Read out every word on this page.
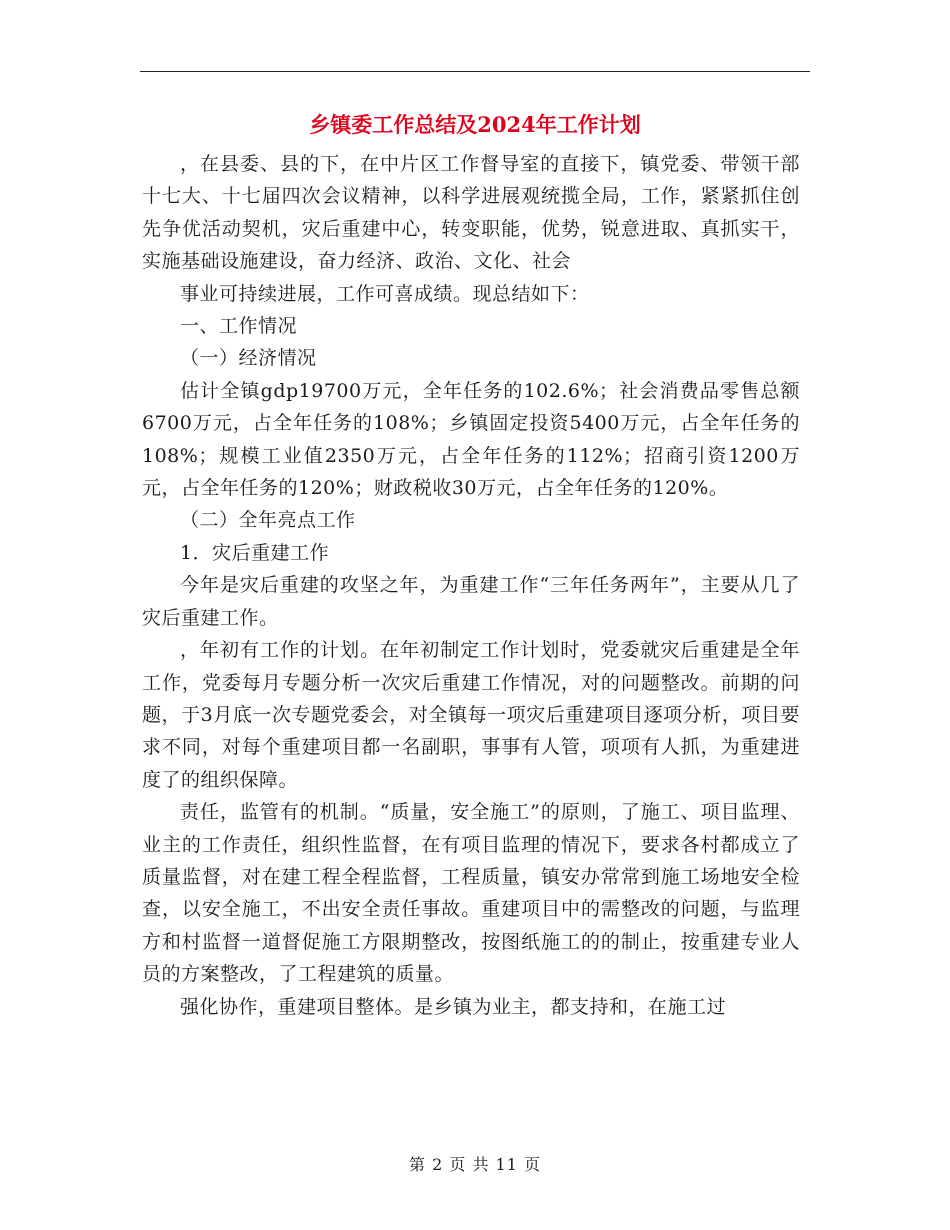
乡镇委工作总结及2024年工作计划

，在县委、县的下，在中片区工作督导室的直接下，镇党委、带领干部十七大、十七届四次会议精神，以科学进展观统揽全局，工作，紧紧抓住创先争优活动契机，灾后重建中心，转变职能，优势，锐意进取、真抓实干，实施基础设施建设，奋力经济、政治、文化、社会

事业可持续进展，工作可喜成绩。现总结如下：

一、工作情况

（一）经济情况

估计全镇gdp19700万元，全年任务的102.6%；社会消费品零售总额6700万元，占全年任务的108%；乡镇固定投资5400万元，占全年任务的108%；规模工业值2350万元，占全年任务的112%；招商引资1200万元，占全年任务的120%；财政税收30万元，占全年任务的120%。

（二）全年亮点工作

1．灾后重建工作

今年是灾后重建的攻坚之年，为重建工作“三年任务两年”，主要从几了灾后重建工作。

，年初有工作的计划。在年初制定工作计划时，党委就灾后重建是全年工作，党委每月专题分析一次灾后重建工作情况，对的问题整改。前期的问题，于3月底一次专题党委会，对全镇每一项灾后重建项目逐项分析，项目要求不同，对每个重建项目都一名副职，事事有人管，项项有人抓，为重建进度了的组织保障。

责任，监管有的机制。“质量，安全施工”的原则，了施工、项目监理、业主的工作责任，组织性监督，在有项目监理的情况下，要求各村都成立了质量监督，对在建工程全程监督，工程质量，镇安办常常到施工场地安全检查，以安全施工，不出安全责任事故。重建项目中的需整改的问题，与监理方和村监督一道督促施工方限期整改，按图纸施工的的制止，按重建专业人员的方案整改，了工程建筑的质量。

强化协作，重建项目整体。是乡镇为业主，都支持和，在施工过

第 2 页 共 11 页
